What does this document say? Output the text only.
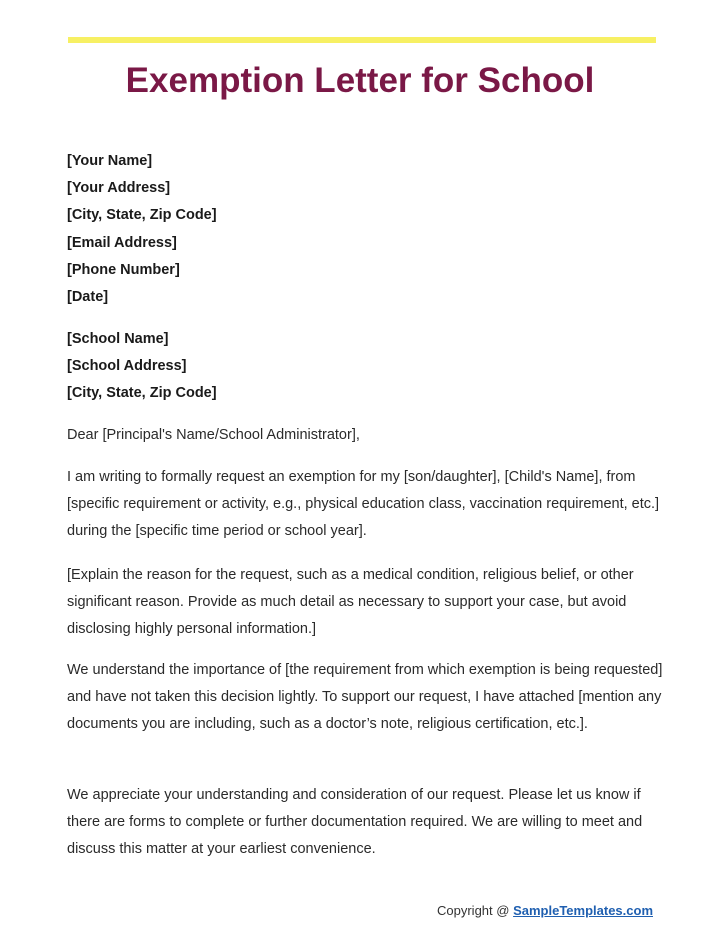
Exemption Letter for School
[Your Name]
[Your Address]
[City, State, Zip Code]
[Email Address]
[Phone Number]
[Date]
[School Name]
[School Address]
[City, State, Zip Code]

Dear [Principal's Name/School Administrator],

I am writing to formally request an exemption for my [son/daughter], [Child's Name], from [specific requirement or activity, e.g., physical education class, vaccination requirement, etc.] during the [specific time period or school year].

[Explain the reason for the request, such as a medical condition, religious belief, or other significant reason. Provide as much detail as necessary to support your case, but avoid disclosing highly personal information.]

We understand the importance of [the requirement from which exemption is being requested] and have not taken this decision lightly. To support our request, I have attached [mention any documents you are including, such as a doctor’s note, religious certification, etc.].

We appreciate your understanding and consideration of our request. Please let us know if there are forms to complete or further documentation required. We are willing to meet and discuss this matter at your earliest convenience.

Copyright @ SampleTemplates.com
